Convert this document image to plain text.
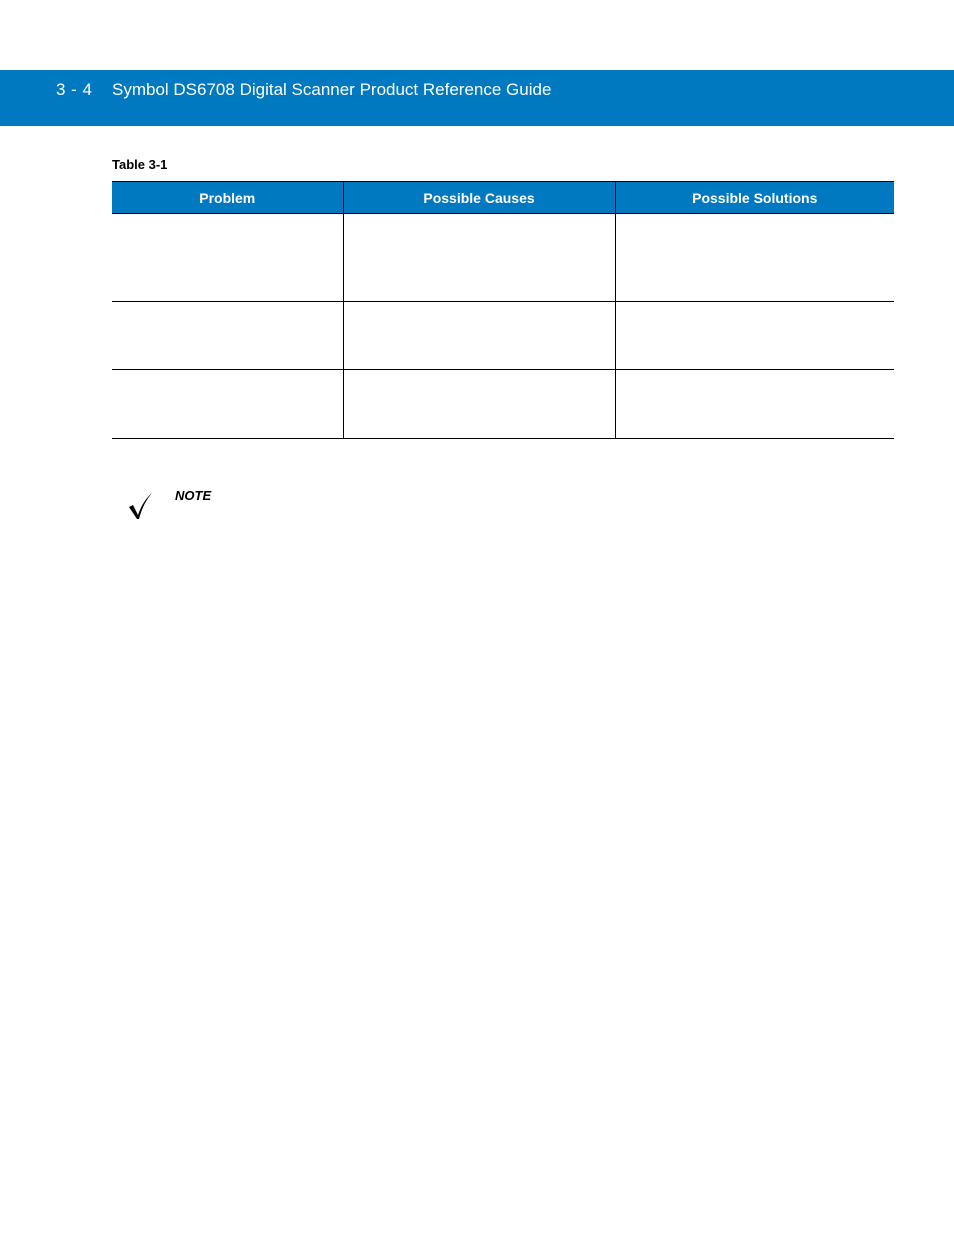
3 - 4 Symbol DS6708 Digital Scanner Product Reference Guide
Table 3-1
Problem	Possible Causes	Possible Solutions

NOTE
